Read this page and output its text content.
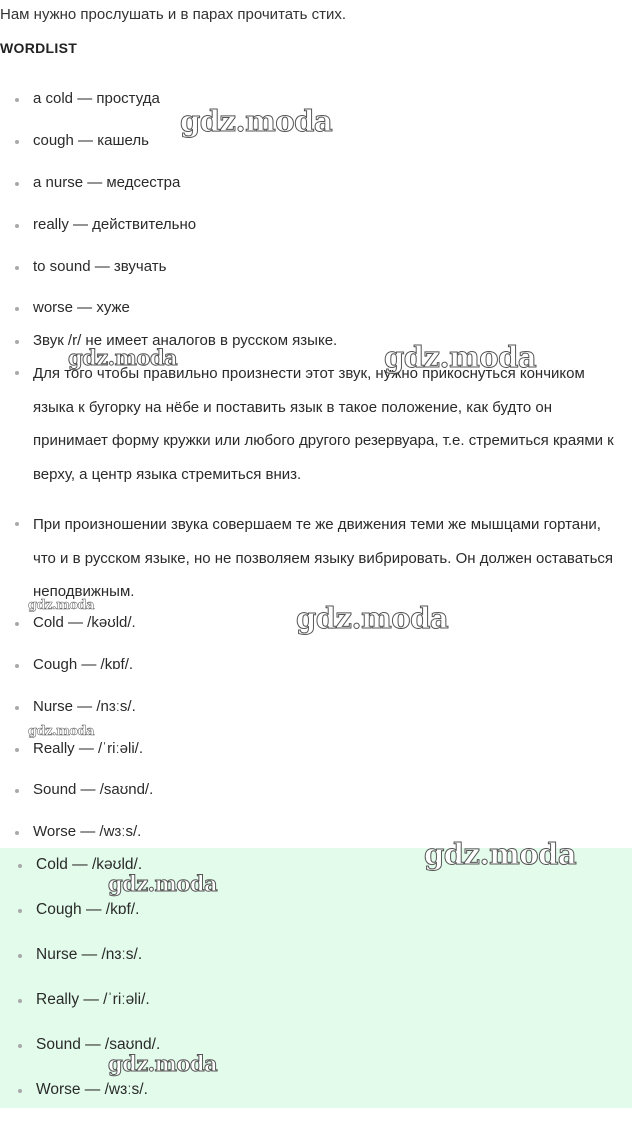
Нам нужно прослушать и в парах прочитать стих.
WORDLIST
a cold — простуда
cough — кашель
a nurse — медсестра
really — действительно
to sound — звучать
worse — хуже
Звук /r/ не имеет аналогов в русском языке.
Для того чтобы правильно произнести этот звук, нужно прикоснуться кончиком языка к бугорку на нёбе и поставить язык в такое положение, как будто он принимает форму кружки или любого другого резервуара, т.е. стремиться краями к верху, а центр языка стремиться вниз.
При произношении звука совершаем те же движения теми же мышцами гортани, что и в русском языке, но не позволяем языку вибрировать. Он должен оставаться неподвижным.
Cold — /kəʊld/.
Cough — /kɒf/.
Nurse — /nɜːs/.
Really — /ˈriːəli/.
Sound — /saʊnd/.
Worse — /wɜːs/.
Cold — /kəʊld/.
Cough — /kɒf/.
Nurse — /nɜːs/.
Really — /ˈriːəli/.
Sound — /saʊnd/.
Worse — /wɜːs/.
gdz.moda
gdz.moda	gdz.moda
gdz.moda	gdz.moda
gdz.moda
gdz.moda
gdz.moda
gdz.moda
